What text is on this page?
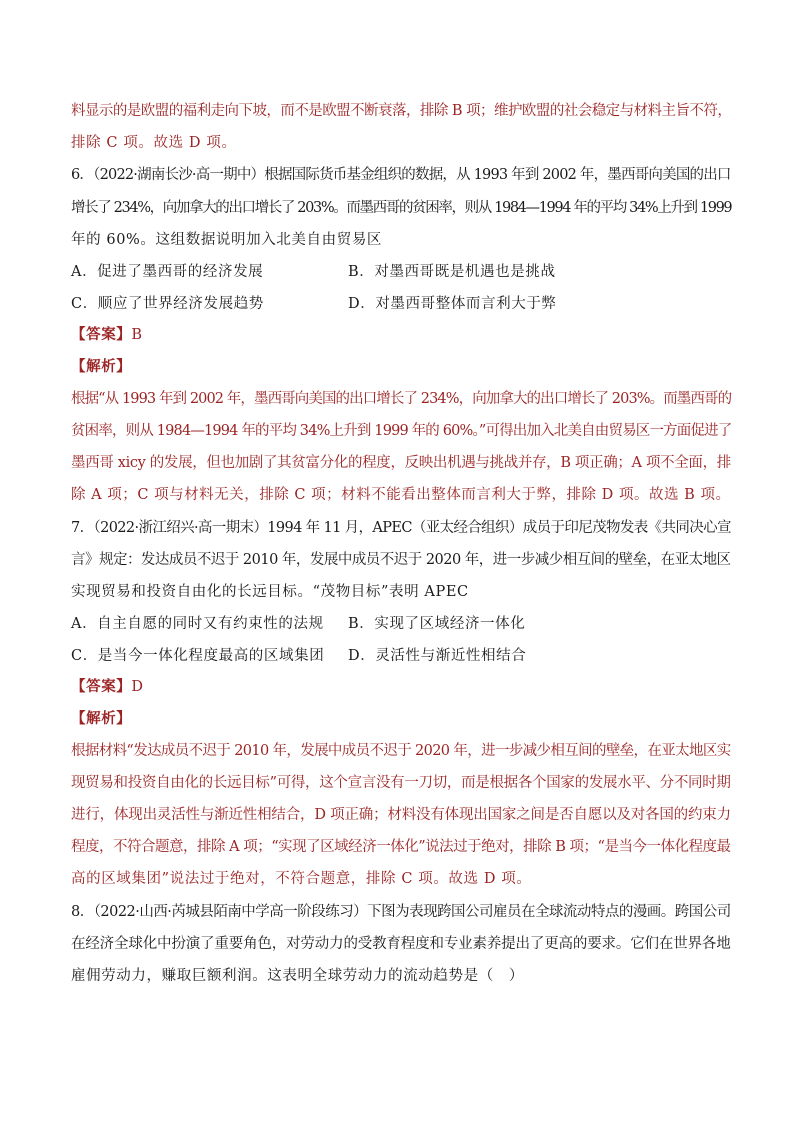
料显示的是欧盟的福利走向下坡，而不是欧盟不断衰落，排除 B 项；维护欧盟的社会稳定与材料主旨不符，
排除 C 项。故选 D 项。
6．（2022·湖南长沙·高一期中）根据国际货币基金组织的数据，从 1993 年到 2002 年，墨西哥向美国的出口
增长了 234%，向加拿大的出口增长了 203%。而墨西哥的贫困率，则从 1984—1994 年的平均 34%上升到 1999
年的 60%。这组数据说明加入北美自由贸易区
A．促进了墨西哥的经济发展	B．对墨西哥既是机遇也是挑战
C．顺应了世界经济发展趋势	D．对墨西哥整体而言利大于弊
【答案】B
【解析】
根据“从 1993 年到 2002 年，墨西哥向美国的出口增长了 234%，向加拿大的出口增长了 203%。而墨西哥的
贫困率，则从 1984—1994 年的平均 34%上升到 1999 年的 60%。”可得出加入北美自由贸易区一方面促进了
墨西哥 xicy 的发展，但也加剧了其贫富分化的程度，反映出机遇与挑战并存，B 项正确；A 项不全面，排
除 A 项；C 项与材料无关，排除 C 项；材料不能看出整体而言利大于弊，排除 D 项。故选 B 项。
7．（2022·浙江绍兴·高一期末）1994 年 11 月，APEC（亚太经合组织）成员于印尼茂物发表《共同决心宣
言》规定：发达成员不迟于 2010 年，发展中成员不迟于 2020 年，进一步减少相互间的壁垒，在亚太地区
实现贸易和投资自由化的长远目标。“茂物目标”表明 APEC
A．自主自愿的同时又有约束性的法规 B．实现了区域经济一体化
C．是当今一体化程度最高的区域集团 D．灵活性与渐近性相结合
【答案】D
【解析】
根据材料“发达成员不迟于 2010 年，发展中成员不迟于 2020 年，进一步减少相互间的壁垒，在亚太地区实
现贸易和投资自由化的长远目标”可得，这个宣言没有一刀切，而是根据各个国家的发展水平、分不同时期
进行，体现出灵活性与渐近性相结合，D 项正确；材料没有体现出国家之间是否自愿以及对各国的约束力
程度，不符合题意，排除 A 项；“实现了区域经济一体化”说法过于绝对，排除 B 项；“是当今一体化程度最
高的区域集团”说法过于绝对，不符合题意，排除 C 项。故选 D 项。
8．（2022·山西·芮城县陌南中学高一阶段练习）下图为表现跨国公司雇员在全球流动特点的漫画。跨国公司
在经济全球化中扮演了重要角色，对劳动力的受教育程度和专业素养提出了更高的要求。它们在世界各地
雇佣劳动力，赚取巨额利润。这表明全球劳动力的流动趋势是（　）
